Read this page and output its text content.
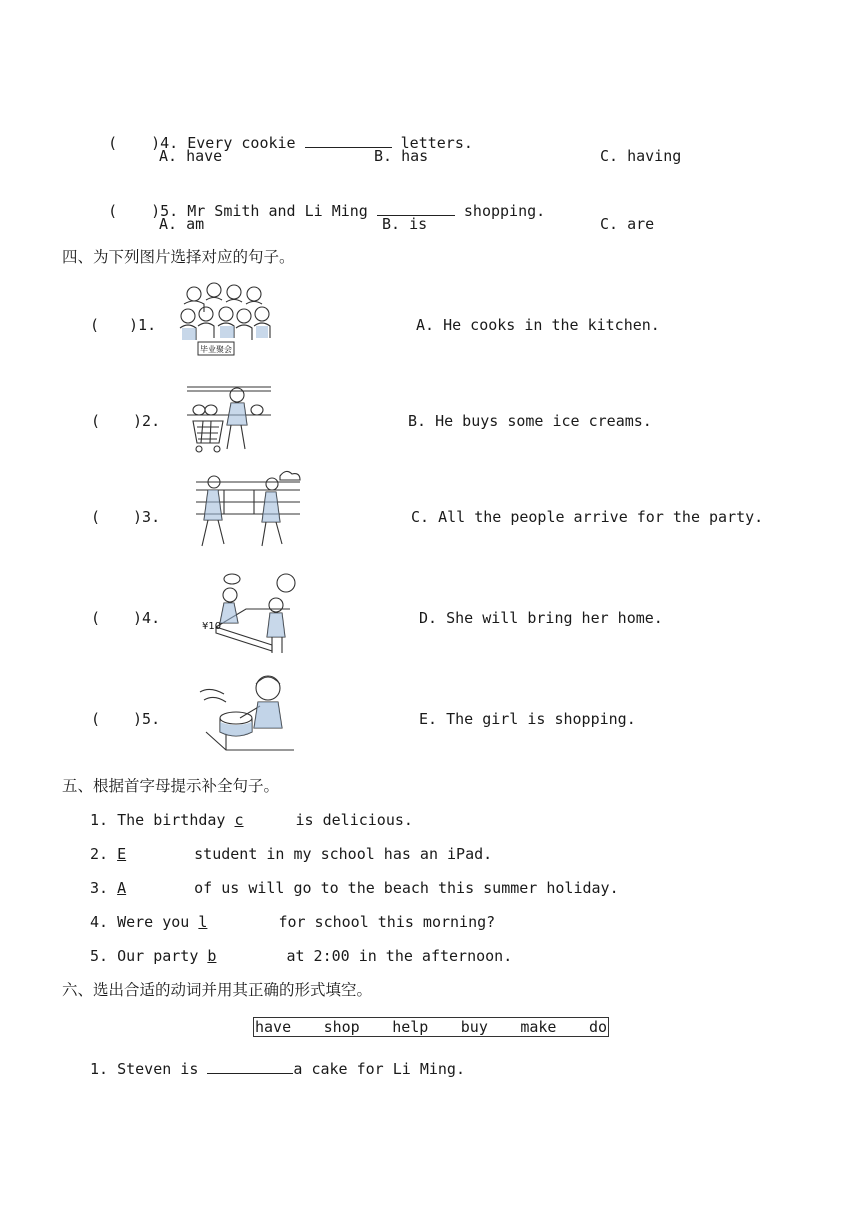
( )4. Every cookie	letters.

A. have	B. has	C. having

( )5. Mr Smith and Li Ming	shopping.

A. am	B. is	C. are
四、为下列图片选择对应的句子。
( )1.
毕业聚会
A. He cooks in the kitchen.
( )2.	B. He buys some ice creams.
( )3.	C. All the people arrive for the party.
( )4.	¥10	D. She will bring her home.
( )5.	E. The girl is shopping.
五、根据首字母提示补全句子。
1. The birthday c	is delicious.
2. E	student in my school has an iPad.
3. A	of us will go to the beach this summer holiday.
4. Were you l	for school this morning?
5. Our party b	at 2:00 in the afternoon.
六、选出合适的动词并用其正确的形式填空。
have shop help buy make do
1. Steven is	a cake for Li Ming.
